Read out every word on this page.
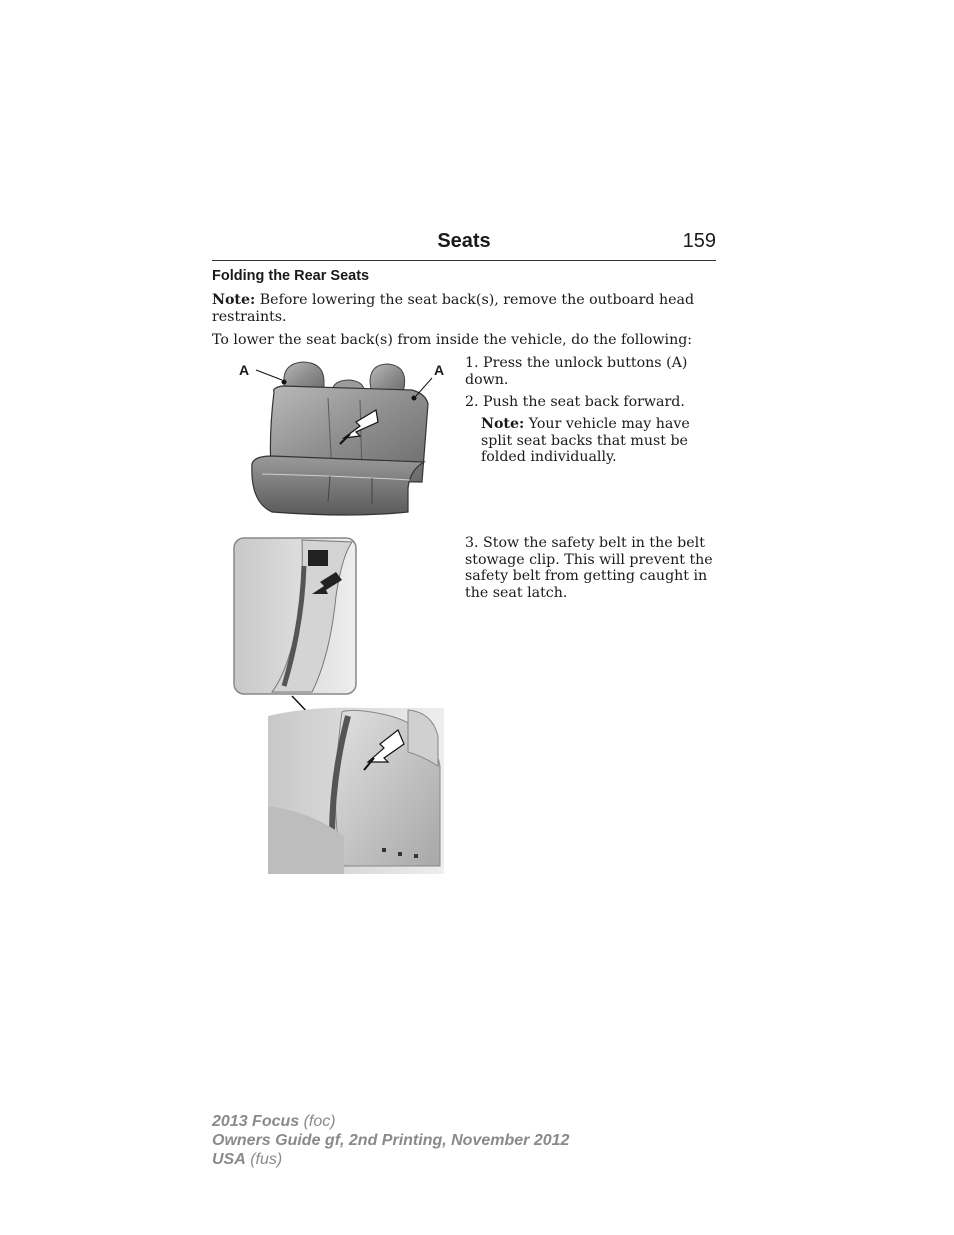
Seats	159
Folding the Rear Seats
Note: Before lowering the seat back(s), remove the outboard head restraints.
To lower the seat back(s) from inside the vehicle, do the following:
A	A 1. Press the unlock buttons (A) down.
2. Push the seat back forward.
Note: Your vehicle may have split seat backs that must be folded individually.
3. Stow the safety belt in the belt stowage clip. This will prevent the safety belt from getting caught in the seat latch.
2013 Focus (foc)
Owners Guide gf, 2nd Printing, November 2012
USA (fus)
